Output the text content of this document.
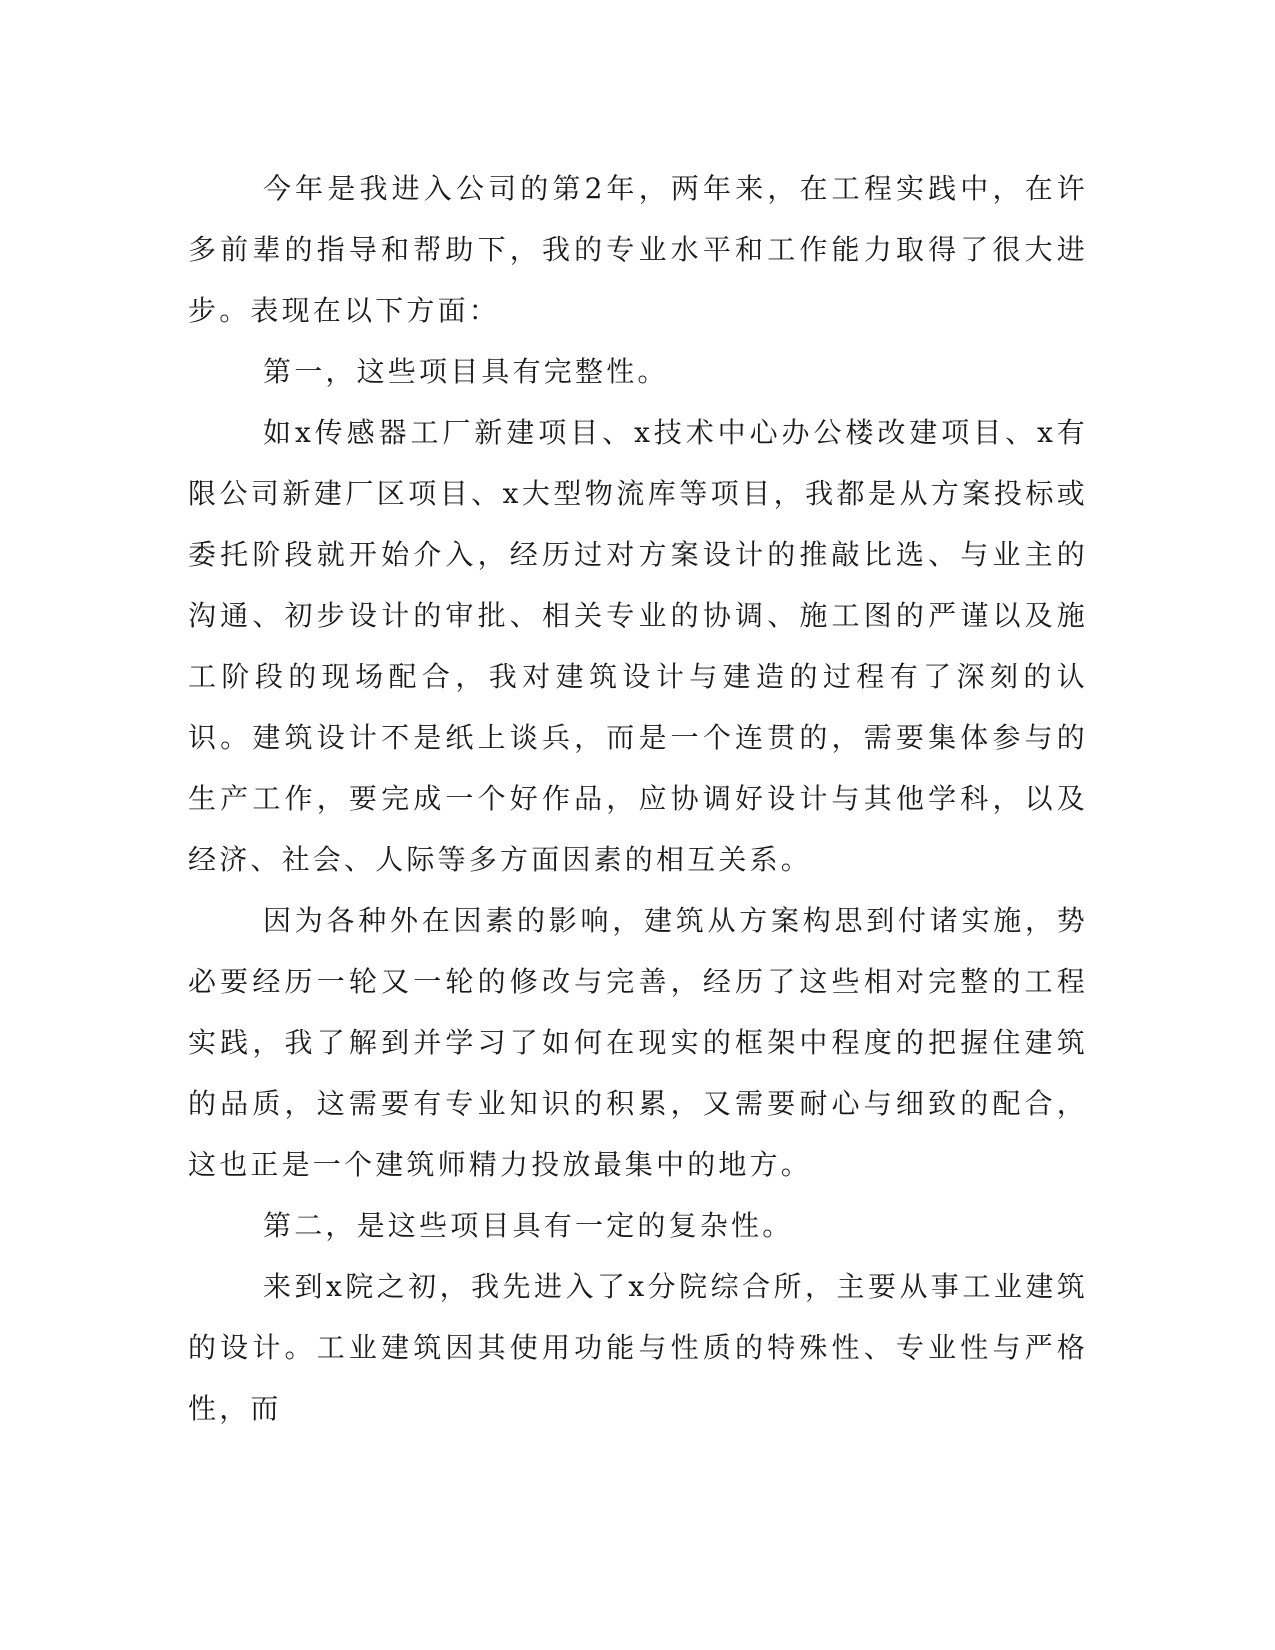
今年是我进入公司的第2年，两年来，在工程实践中，在许多前辈的指导和帮助下，我的专业水平和工作能力取得了很大进步。表现在以下方面：

第一，这些项目具有完整性。

如x传感器工厂新建项目、x技术中心办公楼改建项目、x有限公司新建厂区项目、x大型物流库等项目，我都是从方案投标或委托阶段就开始介入，经历过对方案设计的推敲比选、与业主的沟通、初步设计的审批、相关专业的协调、施工图的严谨以及施工阶段的现场配合，我对建筑设计与建造的过程有了深刻的认识。建筑设计不是纸上谈兵，而是一个连贯的，需要集体参与的生产工作，要完成一个好作品，应协调好设计与其他学科，以及经济、社会、人际等多方面因素的相互关系。

因为各种外在因素的影响，建筑从方案构思到付诸实施，势必要经历一轮又一轮的修改与完善，经历了这些相对完整的工程实践，我了解到并学习了如何在现实的框架中程度的把握住建筑的品质，这需要有专业知识的积累，又需要耐心与细致的配合，这也正是一个建筑师精力投放最集中的地方。

第二，是这些项目具有一定的复杂性。

来到x院之初，我先进入了x分院综合所，主要从事工业建筑的设计。工业建筑因其使用功能与性质的特殊性、专业性与严格性，而
